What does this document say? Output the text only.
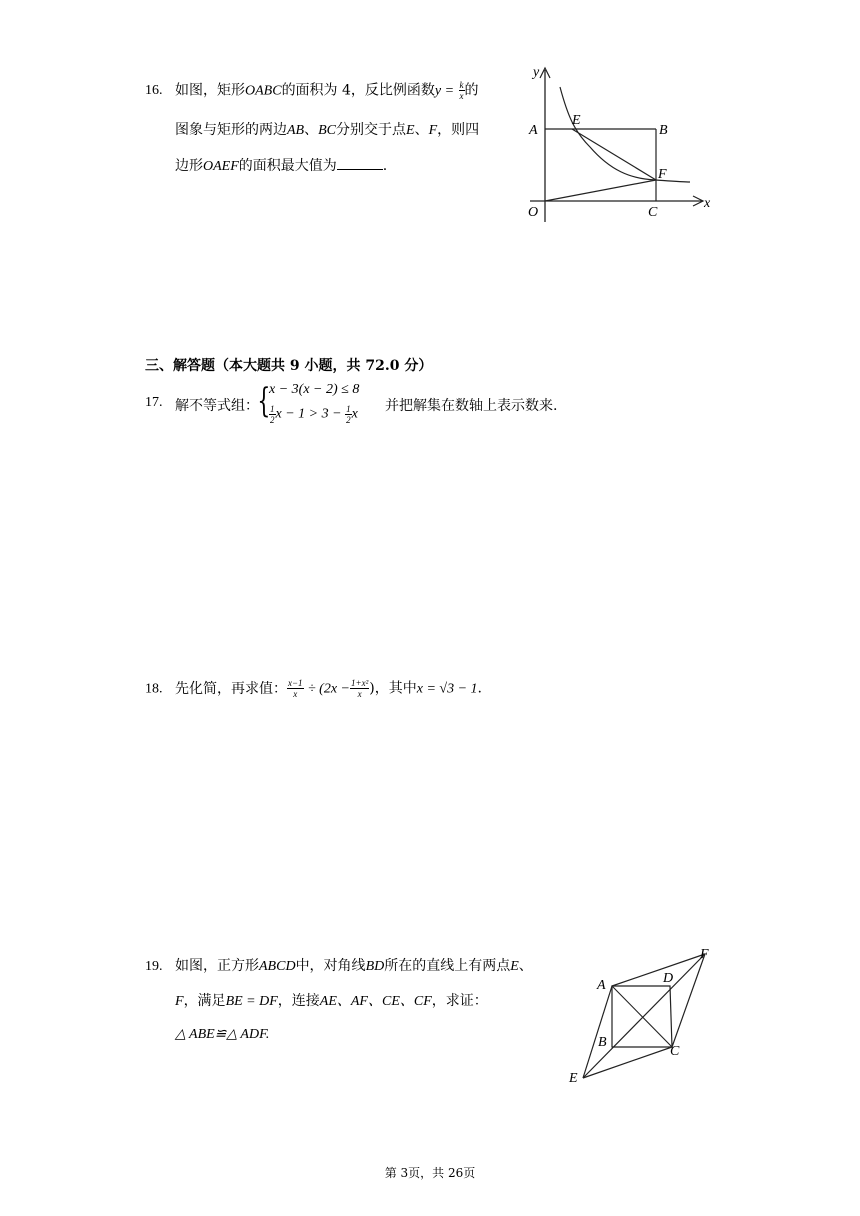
16. 如图，矩形OABC的面积为 4，反比例函数$y = \frac{k}{x}$ 的
图象与矩形的两边AB、BC分别交于点E、F，则四
边形OAEF的面积最大值为	.
y
x
A
E
B
F
O	C
三、解答题（本大题共 9 小题，共 72.0 分）
17. 解不等式组：
{
x − 3(x − 2) ≤ 8
$\frac{1}{2}$ $x - 1 > 3 - \frac{1}{2}$ x
并把解集在数轴上表示数来.
18. 先化简，再求值： $\frac{x-1}{x} \div (2x - \frac{\text{1+x²}}{x}$ )，其中x = √3 − 1.
19. 如图，正方形ABCD中，对角线BD所在的直线上有两点E、
F，满足BE = DF，连接AE、AF、CE、CF，求证：
△ ABE≌△ ADF.
A
B
C
D
E
F
第 3页，共 26页
